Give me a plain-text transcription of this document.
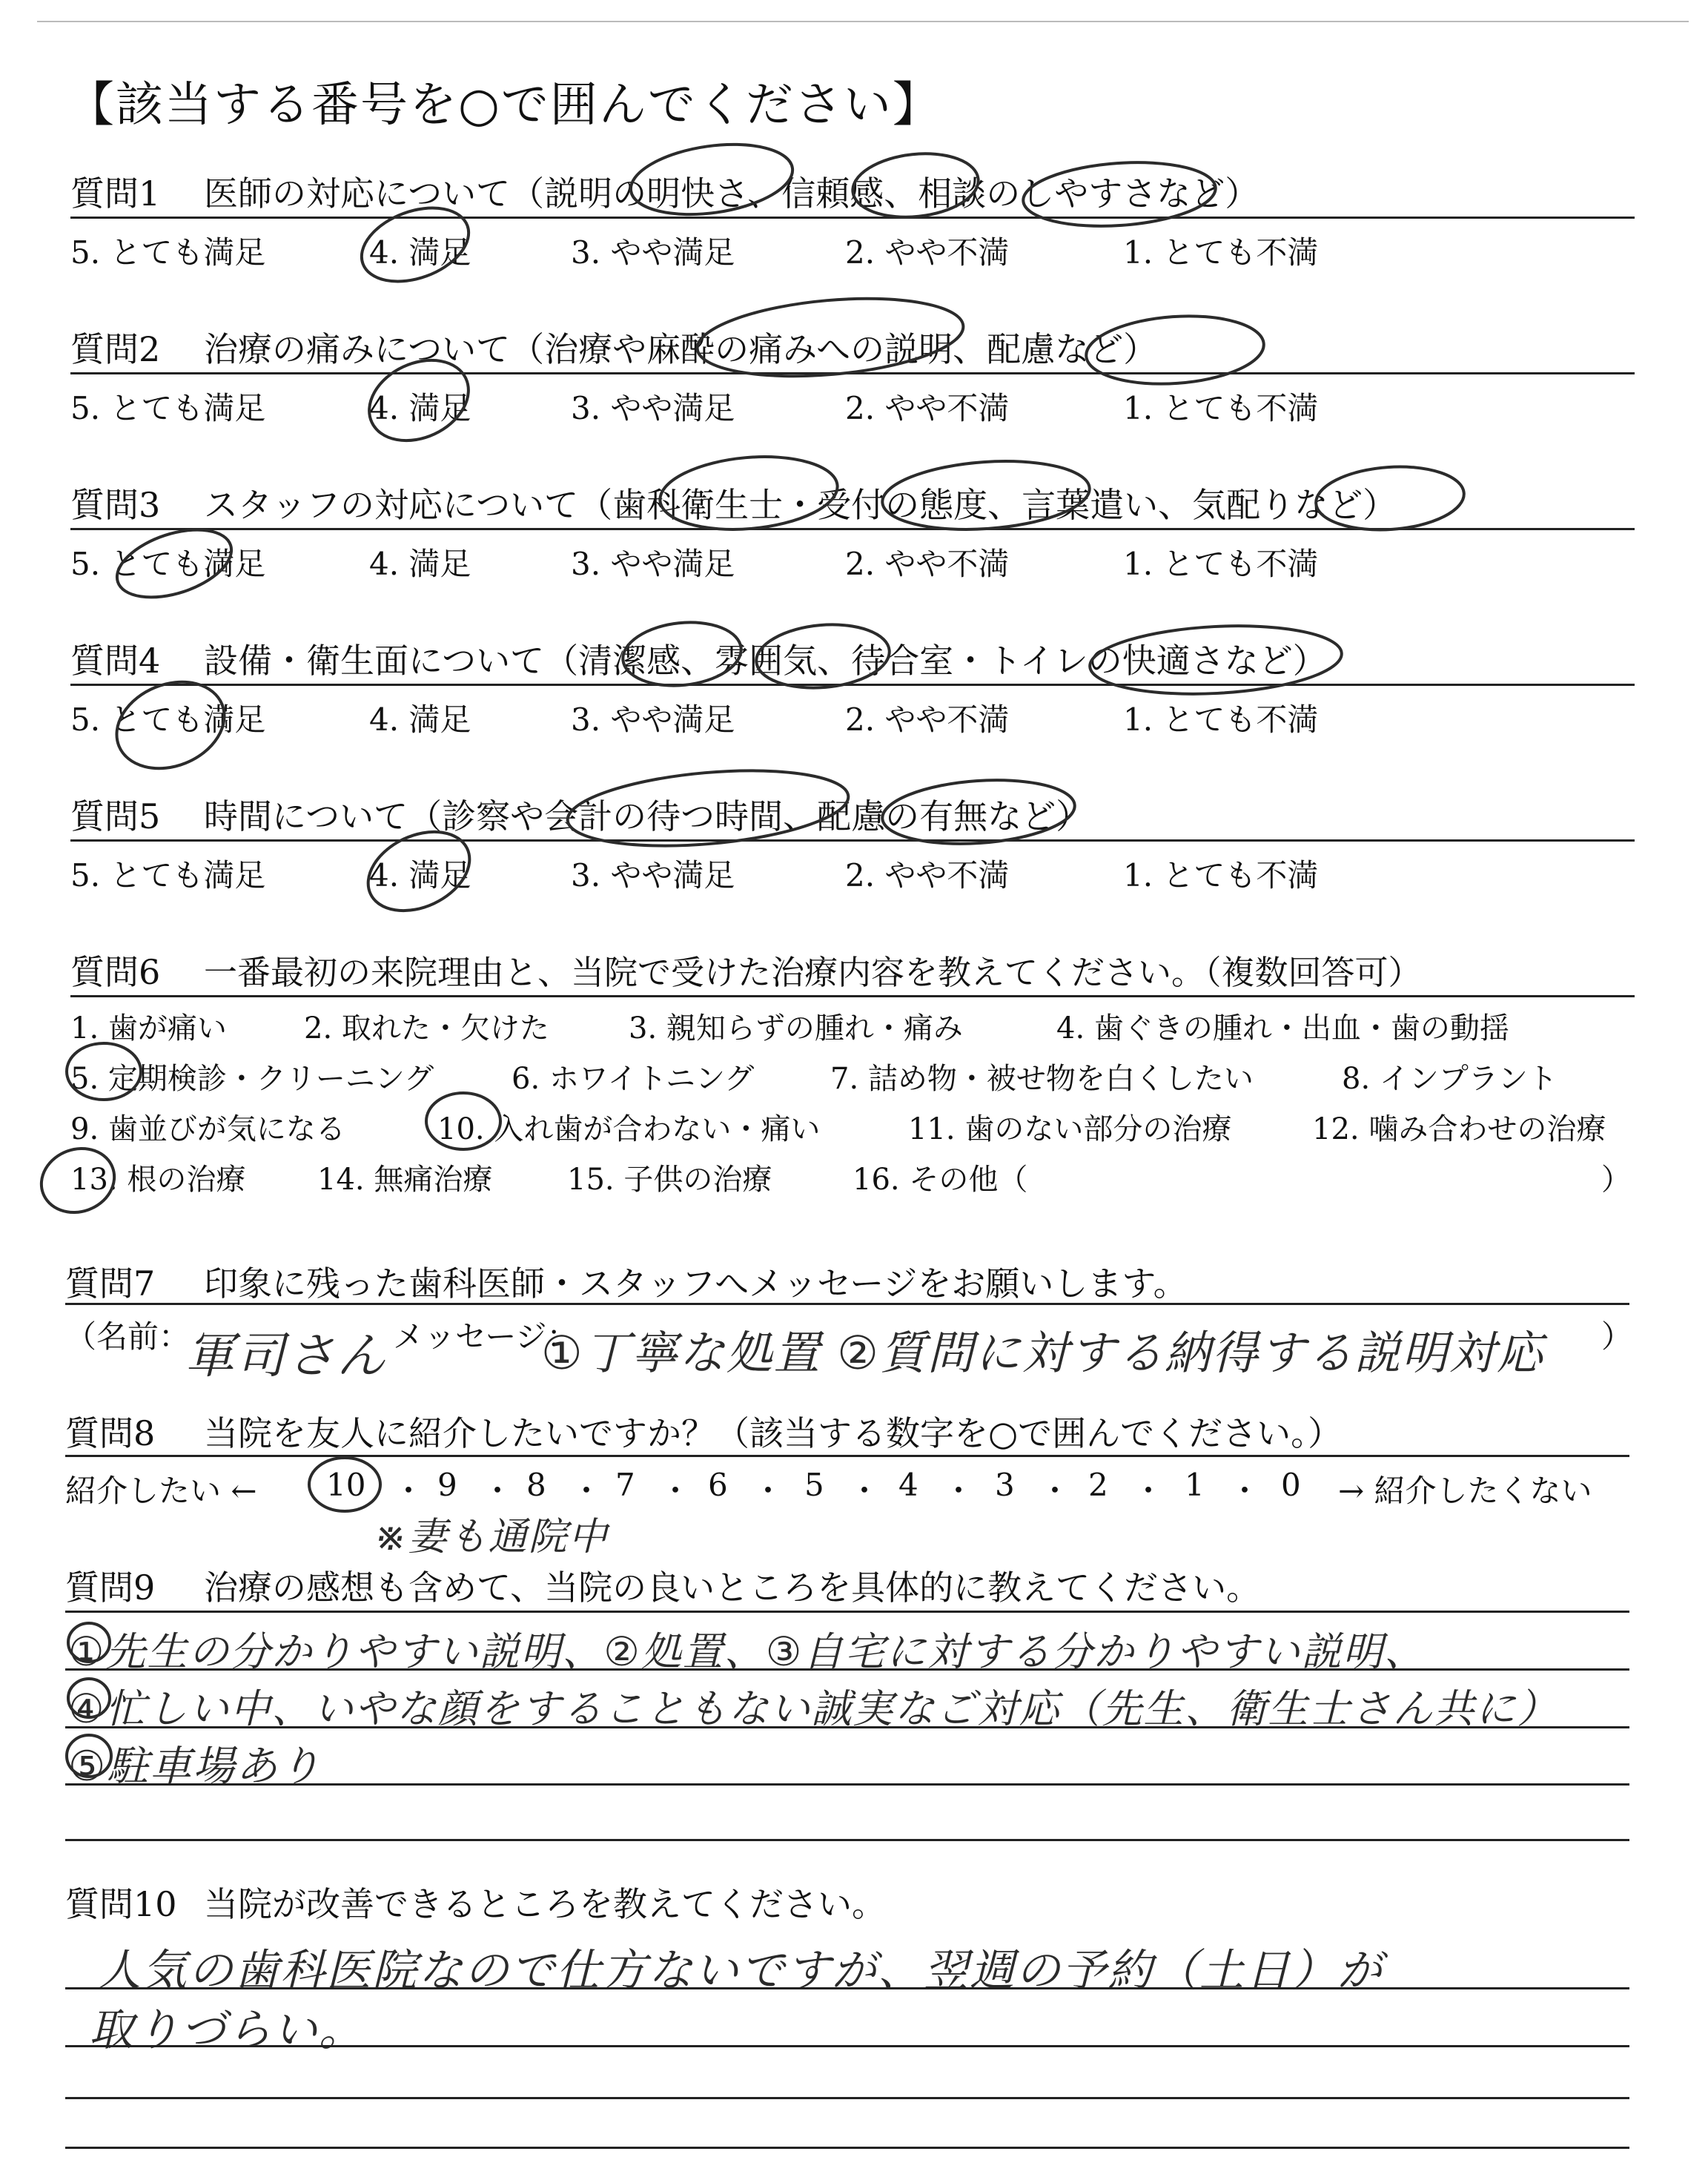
【該当する番号を○で囲んでください】
質問1 医師の対応について（説明の明快さ、信頼感、相談のしやすさなど）
5. とても満足	4. 満足	3. やや満足	2. やや不満	1. とても不満
質問2 治療の痛みについて（治療や麻酔の痛みへの説明、配慮など）
5. とても満足	4. 満足	3. やや満足	2. やや不満	1. とても不満
質問3 スタッフの対応について（歯科衛生士・受付の態度、言葉遣い、気配りなど）
5. とても満足	4. 満足	3. やや満足	2. やや不満	1. とても不満
質問4 設備・衛生面について（清潔感、雰囲気、待合室・トイレの快適さなど）
5. とても満足	4. 満足	3. やや満足	2. やや不満	1. とても不満
質問5 時間について（診察や会計の待つ時間、配慮の有無など）
5. とても満足	4. 満足	3. やや満足	2. やや不満	1. とても不満
質問6 一番最初の来院理由と、当院で受けた治療内容を教えてください。（複数回答可）
1. 歯が痛い	2. 取れた・欠けた	3. 親知らずの腫れ・痛み	4. 歯ぐきの腫れ・出血・歯の動揺
5. 定期検診・クリーニング	6. ホワイトニング	7. 詰め物・被せ物を白くしたい	8. インプラント
9. 歯並びが気になる	10. 入れ歯が合わない・痛い	11. 歯のない部分の治療	12. 噛み合わせの治療
13. 根の治療 14. 無痛治療	15. 子供の治療	16. その他（	）
質問7 印象に残った歯科医師・スタッフへメッセージをお願いします。
（名前：
軍司さん メッセージ：
①丁寧な処置 ②質問に対する納得する説明対応 ）
質問8 当院を友人に紹介したいですか？（該当する数字を○で囲んでください。）
紹介したい ← 10 ・ 9 ・ 8 ・ 7 ・ 6 ・ 5 ・ 4 ・ 3 ・ 2 ・ 1 ・ 0 → 紹介したくない
※妻も通院中
質問9 治療の感想も含めて、当院の良いところを具体的に教えてください。
①先生の分かりやすい説明、②処置、③自宅に対する分かりやすい説明、
④忙しい中、いやな顔をすることもない誠実なご対応（先生、衛生士さん共に）
⑤駐車場あり
質問10 当院が改善できるところを教えてください。
人気の歯科医院なので仕方ないですが、翌週の予約（土日）が
取りづらい。
